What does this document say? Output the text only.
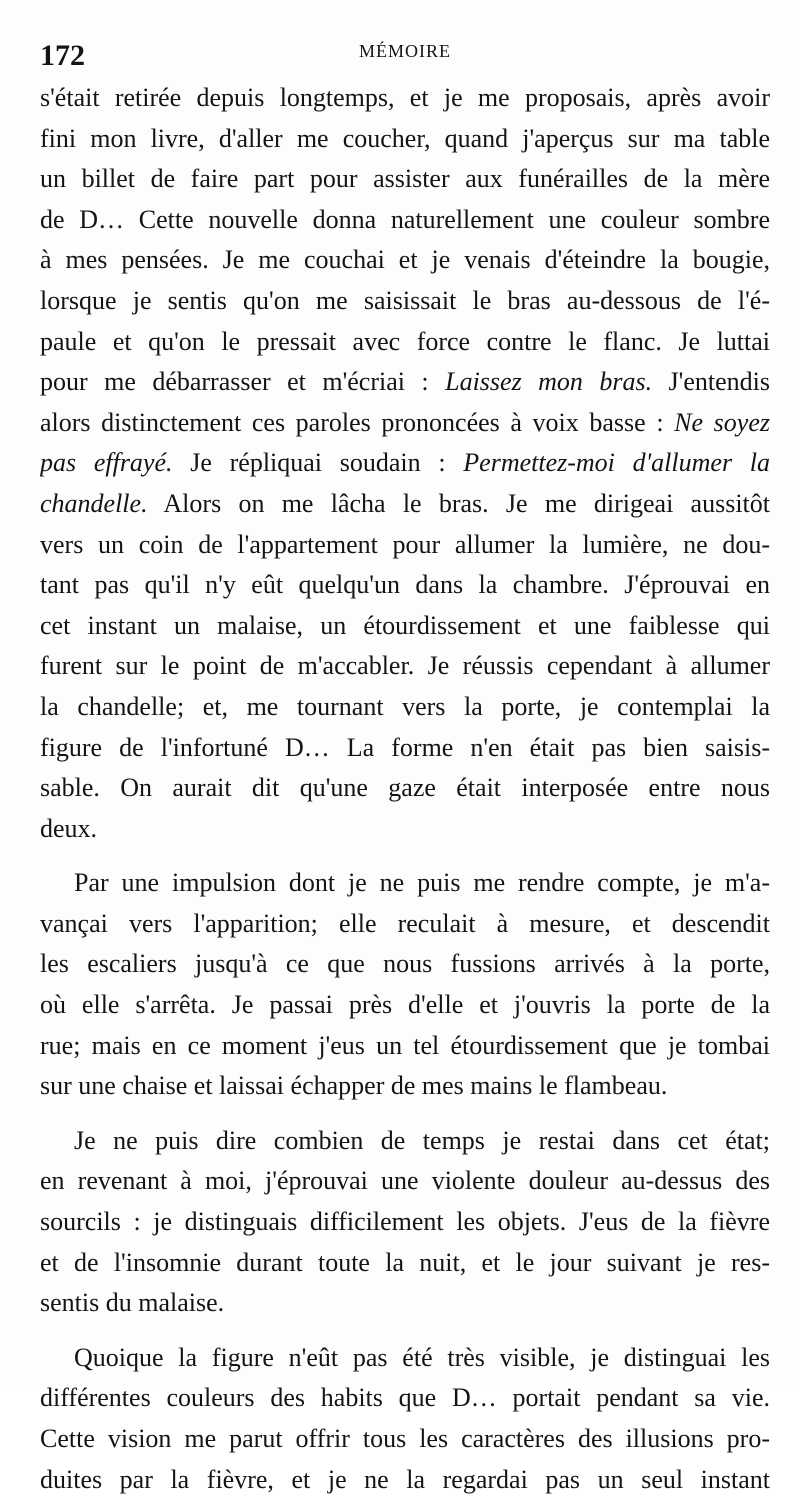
172	MÉMOIRE
s'était retirée depuis longtemps, et je me proposais, après avoir
fini mon livre, d'aller me coucher, quand j'aperçus sur ma table
un billet de faire part pour assister aux funérailles de la mère
de D… Cette nouvelle donna naturellement une couleur sombre
à mes pensées. Je me couchai et je venais d'éteindre la bougie,
lorsque je sentis qu'on me saisissait le bras au-dessous de l'é-
paule et qu'on le pressait avec force contre le flanc. Je luttai
pour me débarrasser et m'écriai : Laissez mon bras. J'entendis
alors distinctement ces paroles prononcées à voix basse : Ne soyez
pas effrayé. Je répliquai soudain : Permettez-moi d'allumer la
chandelle. Alors on me lâcha le bras. Je me dirigeai aussitôt
vers un coin de l'appartement pour allumer la lumière, ne dou-
tant pas qu'il n'y eût quelqu'un dans la chambre. J'éprouvai en
cet instant un malaise, un étourdissement et une faiblesse qui
furent sur le point de m'accabler. Je réussis cependant à allumer
la chandelle; et, me tournant vers la porte, je contemplai la
figure de l'infortuné D… La forme n'en était pas bien saisis-
sable. On aurait dit qu'une gaze était interposée entre nous
deux.
Par une impulsion dont je ne puis me rendre compte, je m'a-
vançai vers l'apparition; elle reculait à mesure, et descendit
les escaliers jusqu'à ce que nous fussions arrivés à la porte,
où elle s'arrêta. Je passai près d'elle et j'ouvris la porte de la
rue; mais en ce moment j'eus un tel étourdissement que je tombai
sur une chaise et laissai échapper de mes mains le flambeau.
Je ne puis dire combien de temps je restai dans cet état;
en revenant à moi, j'éprouvai une violente douleur au-dessus des
sourcils : je distinguais difficilement les objets. J'eus de la fièvre
et de l'insomnie durant toute la nuit, et le jour suivant je res-
sentis du malaise.
Quoique la figure n'eût pas été très visible, je distinguai les
différentes couleurs des habits que D… portait pendant sa vie.
Cette vision me parut offrir tous les caractères des illusions pro-
duites par la fièvre, et je ne la regardai pas un seul instant
